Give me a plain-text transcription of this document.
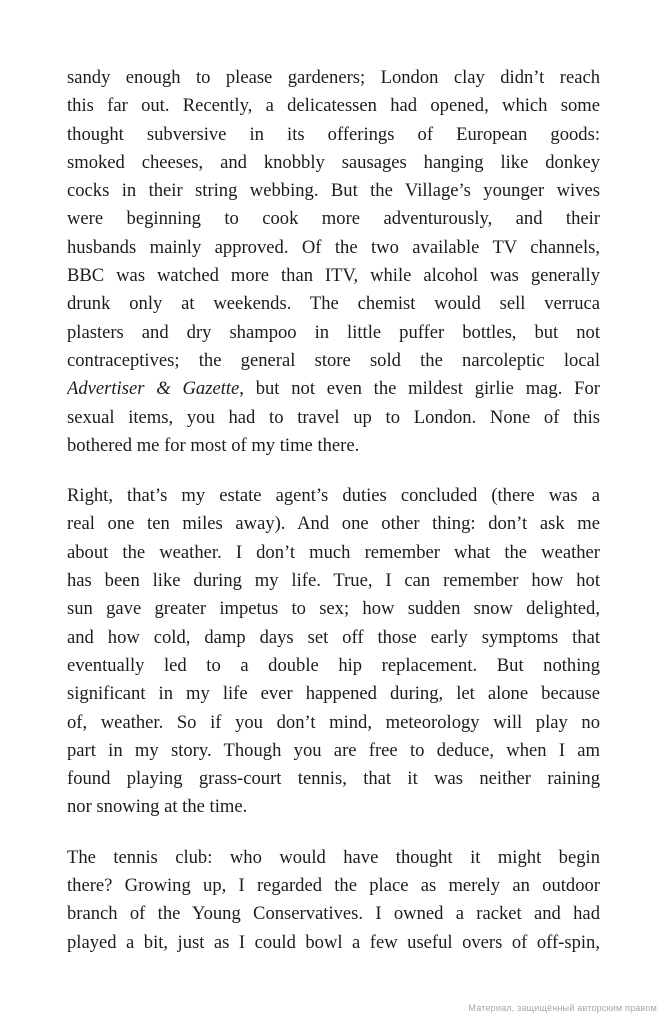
sandy enough to please gardeners; London clay didn’t reach
this far out. Recently, a delicatessen had opened, which some
thought subversive in its offerings of European goods:
smoked cheeses, and knobbly sausages hanging like donkey
cocks in their string webbing. But the Village’s younger wives
were beginning to cook more adventurously, and their
husbands mainly approved. Of the two available TV channels,
BBC was watched more than ITV, while alcohol was generally
drunk only at weekends. The chemist would sell verruca
plasters and dry shampoo in little puffer bottles, but not
contraceptives; the general store sold the narcoleptic local
Advertiser & Gazette, but not even the mildest girlie mag. For
sexual items, you had to travel up to London. None of this
bothered me for most of my time there.
Right, that’s my estate agent’s duties concluded (there was a
real one ten miles away). And one other thing: don’t ask me
about the weather. I don’t much remember what the weather
has been like during my life. True, I can remember how hot
sun gave greater impetus to sex; how sudden snow delighted,
and how cold, damp days set off those early symptoms that
eventually led to a double hip replacement. But nothing
significant in my life ever happened during, let alone because
of, weather. So if you don’t mind, meteorology will play no
part in my story. Though you are free to deduce, when I am
found playing grass-court tennis, that it was neither raining
nor snowing at the time.
The tennis club: who would have thought it might begin
there? Growing up, I regarded the place as merely an outdoor
branch of the Young Conservatives. I owned a racket and had
played a bit, just as I could bowl a few useful overs of off-spin,
Материал, защищённый авторским правом
